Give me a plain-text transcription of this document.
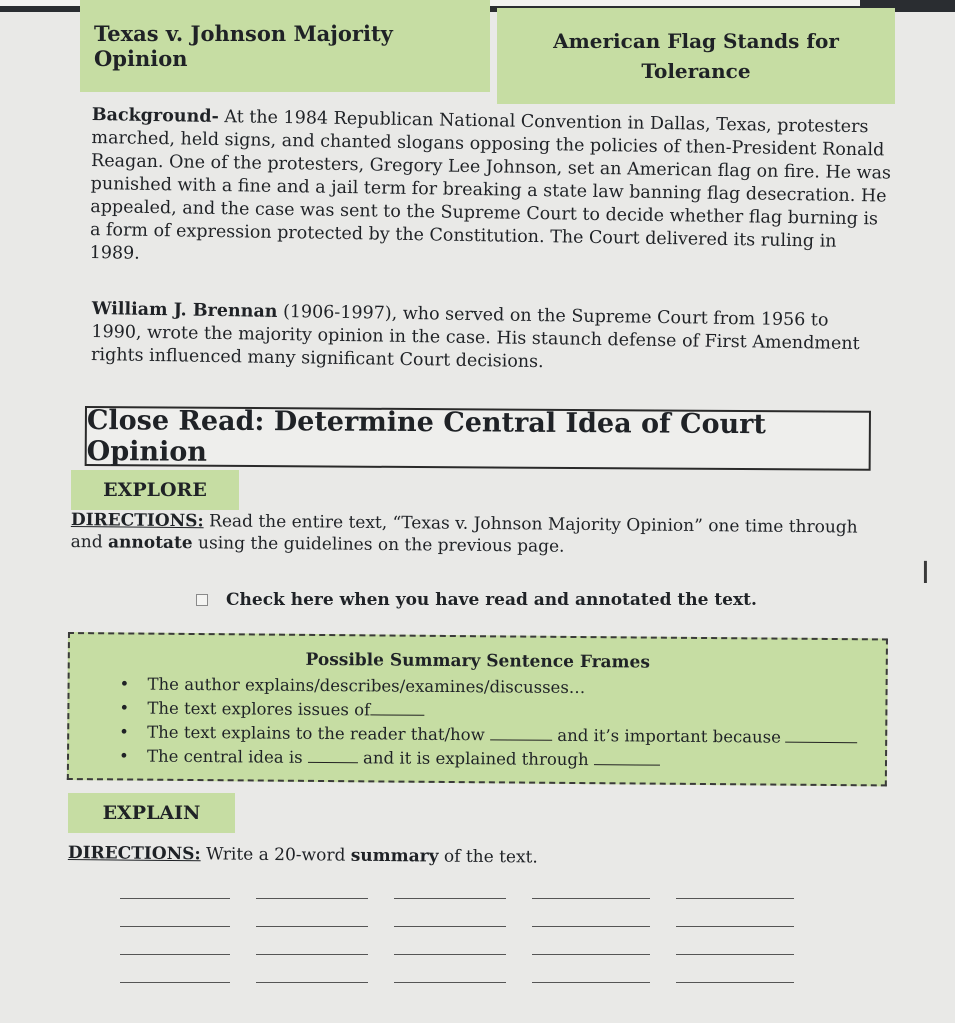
Texas v. Johnson Majority Opinion
American Flag Stands for Tolerance
Background- At the 1984 Republican National Convention in Dallas, Texas, protesters marched, held signs, and chanted slogans opposing the policies of then-President Ronald Reagan. One of the protesters, Gregory Lee Johnson, set an American flag on fire. He was punished with a fine and a jail term for breaking a state law banning flag desecration. He appealed, and the case was sent to the Supreme Court to decide whether flag burning is a form of expression protected by the Constitution. The Court delivered its ruling in 1989.
William J. Brennan (1906-1997), who served on the Supreme Court from 1956 to 1990, wrote the majority opinion in the case. His staunch defense of First Amendment rights influenced many significant Court decisions.
Close Read: Determine Central Idea of Court Opinion
EXPLORE
DIRECTIONS: Read the entire text, “Texas v. Johnson Majority Opinion” one time through and annotate using the guidelines on the previous page.
Check here when you have read and annotated the text.
Possible Summary Sentence Frames
• The author explains/describes/examines/discusses…
• The text explores issues of
• The text explains to the reader that/how	and it’s important because
• The central idea is	and it is explained through
EXPLAIN
DIRECTIONS: Write a 20-word summary of the text.
I
